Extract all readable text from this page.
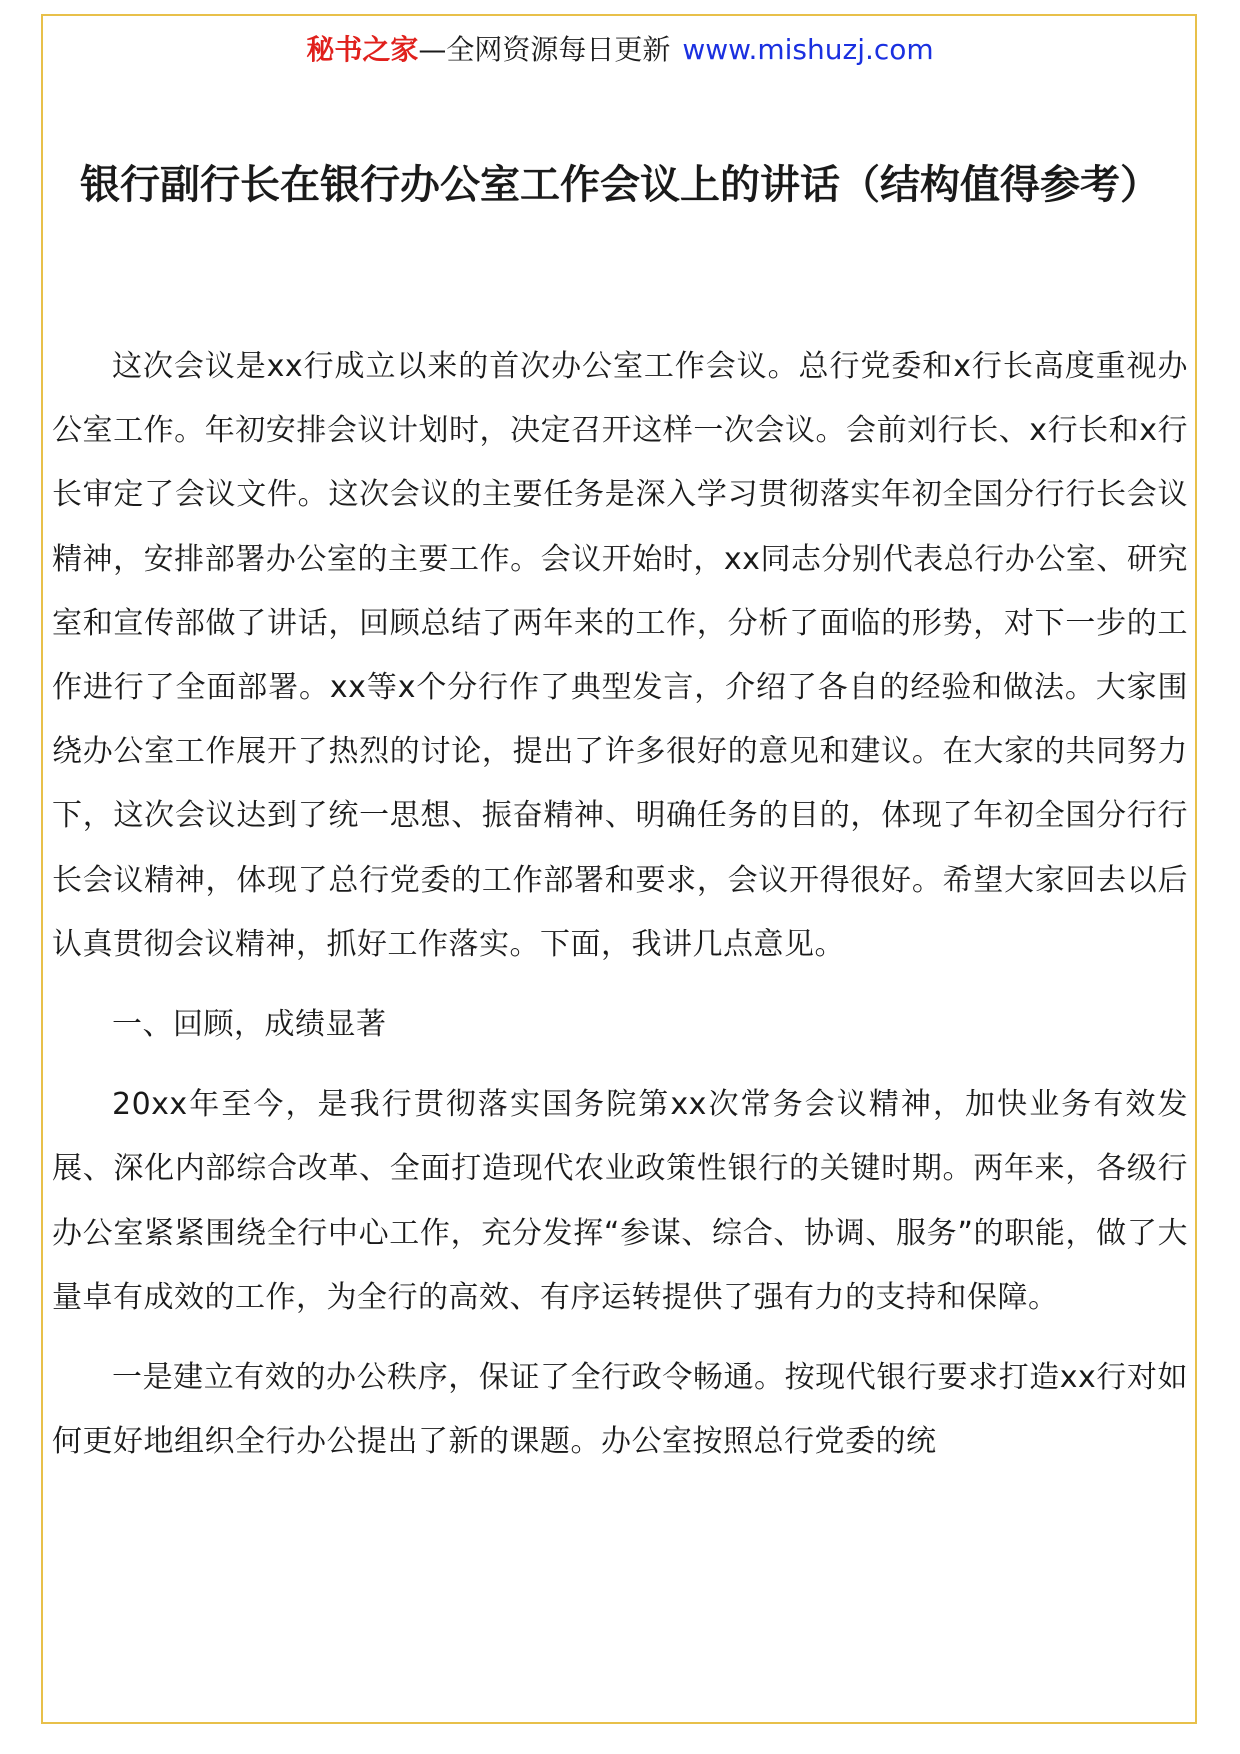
秘书之家—全网资源每日更新 www.mishuzj.com
银行副行长在银行办公室工作会议上的讲话（结构值得参考）

这次会议是xx行成立以来的首次办公室工作会议。总行党委和x行长高度重视办公室工作。年初安排会议计划时，决定召开这样一次会议。会前刘行长、x行长和x行长审定了会议文件。这次会议的主要任务是深入学习贯彻落实年初全国分行行长会议精神，安排部署办公室的主要工作。会议开始时，xx同志分别代表总行办公室、研究室和宣传部做了讲话，回顾总结了两年来的工作，分析了面临的形势，对下一步的工作进行了全面部署。xx等x个分行作了典型发言，介绍了各自的经验和做法。大家围绕办公室工作展开了热烈的讨论，提出了许多很好的意见和建议。在大家的共同努力下，这次会议达到了统一思想、振奋精神、明确任务的目的，体现了年初全国分行行长会议精神，体现了总行党委的工作部署和要求，会议开得很好。希望大家回去以后认真贯彻会议精神，抓好工作落实。下面，我讲几点意见。

一、回顾，成绩显著

20xx年至今，是我行贯彻落实国务院第xx次常务会议精神，加快业务有效发展、深化内部综合改革、全面打造现代农业政策性银行的关键时期。两年来，各级行办公室紧紧围绕全行中心工作，充分发挥“参谋、综合、协调、服务”的职能，做了大量卓有成效的工作，为全行的高效、有序运转提供了强有力的支持和保障。

一是建立有效的办公秩序，保证了全行政令畅通。按现代银行要求打造xx行对如何更好地组织全行办公提出了新的课题。办公室按照总行党委的统
